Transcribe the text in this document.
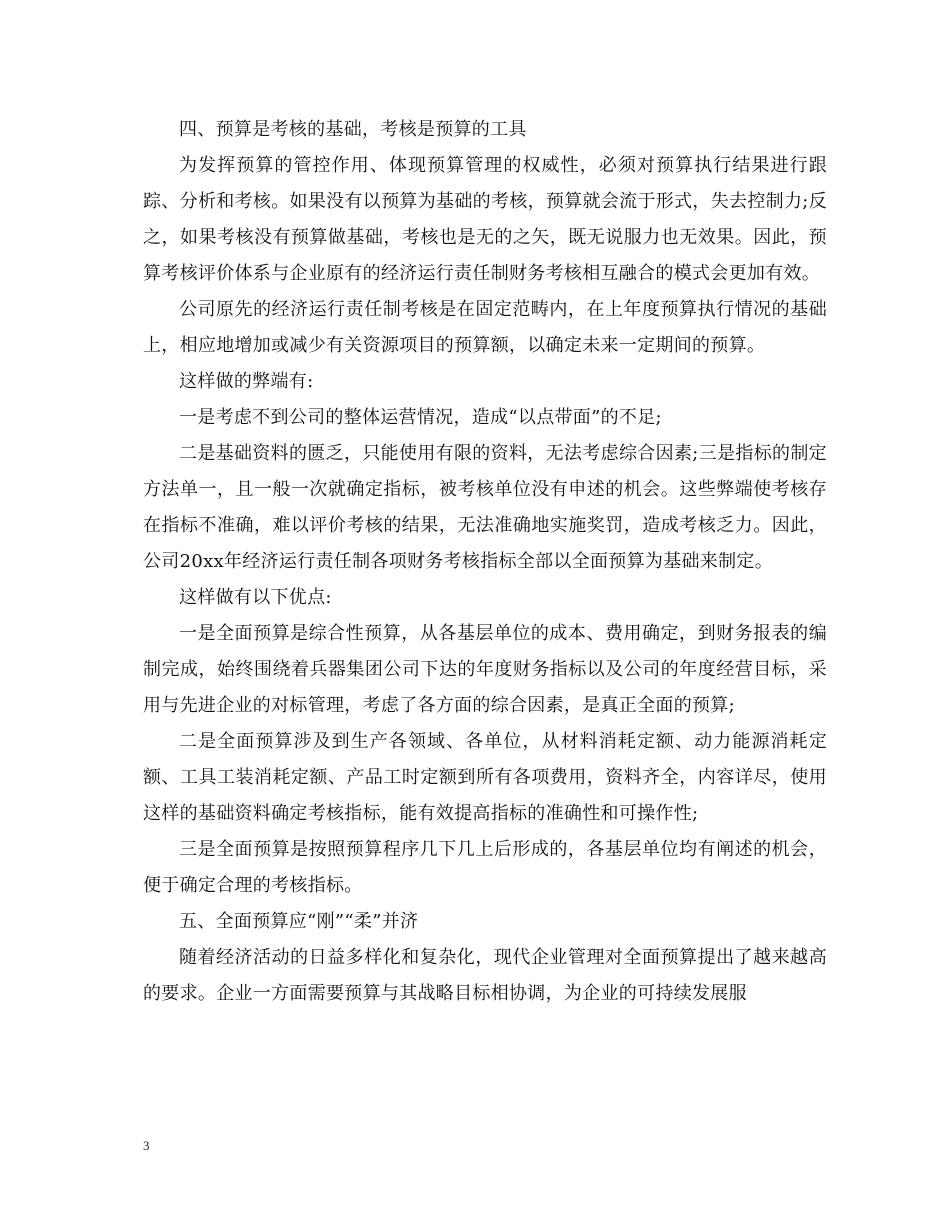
四、预算是考核的基础，考核是预算的工具

为发挥预算的管控作用、体现预算管理的权威性，必须对预算执行结果进行跟踪、分析和考核。如果没有以预算为基础的考核，预算就会流于形式，失去控制力;反之，如果考核没有预算做基础，考核也是无的之矢，既无说服力也无效果。因此，预算考核评价体系与企业原有的经济运行责任制财务考核相互融合的模式会更加有效。

公司原先的经济运行责任制考核是在固定范畴内，在上年度预算执行情况的基础上，相应地增加或减少有关资源项目的预算额，以确定未来一定期间的预算。

这样做的弊端有:

一是考虑不到公司的整体运营情况，造成“以点带面”的不足;

二是基础资料的匮乏，只能使用有限的资料，无法考虑综合因素;三是指标的制定方法单一，且一般一次就确定指标，被考核单位没有申述的机会。这些弊端使考核存在指标不准确，难以评价考核的结果，无法准确地实施奖罚，造成考核乏力。因此，公司20xx年经济运行责任制各项财务考核指标全部以全面预算为基础来制定。

这样做有以下优点:

一是全面预算是综合性预算，从各基层单位的成本、费用确定，到财务报表的编制完成，始终围绕着兵器集团公司下达的年度财务指标以及公司的年度经营目标，采用与先进企业的对标管理，考虑了各方面的综合因素，是真正全面的预算;

二是全面预算涉及到生产各领域、各单位，从材料消耗定额、动力能源消耗定额、工具工装消耗定额、产品工时定额到所有各项费用，资料齐全，内容详尽，使用这样的基础资料确定考核指标，能有效提高指标的准确性和可操作性;

三是全面预算是按照预算程序几下几上后形成的，各基层单位均有阐述的机会，便于确定合理的考核指标。

五、全面预算应“刚”“柔”并济

随着经济活动的日益多样化和复杂化，现代企业管理对全面预算提出了越来越高的要求。企业一方面需要预算与其战略目标相协调，为企业的可持续发展服

3
